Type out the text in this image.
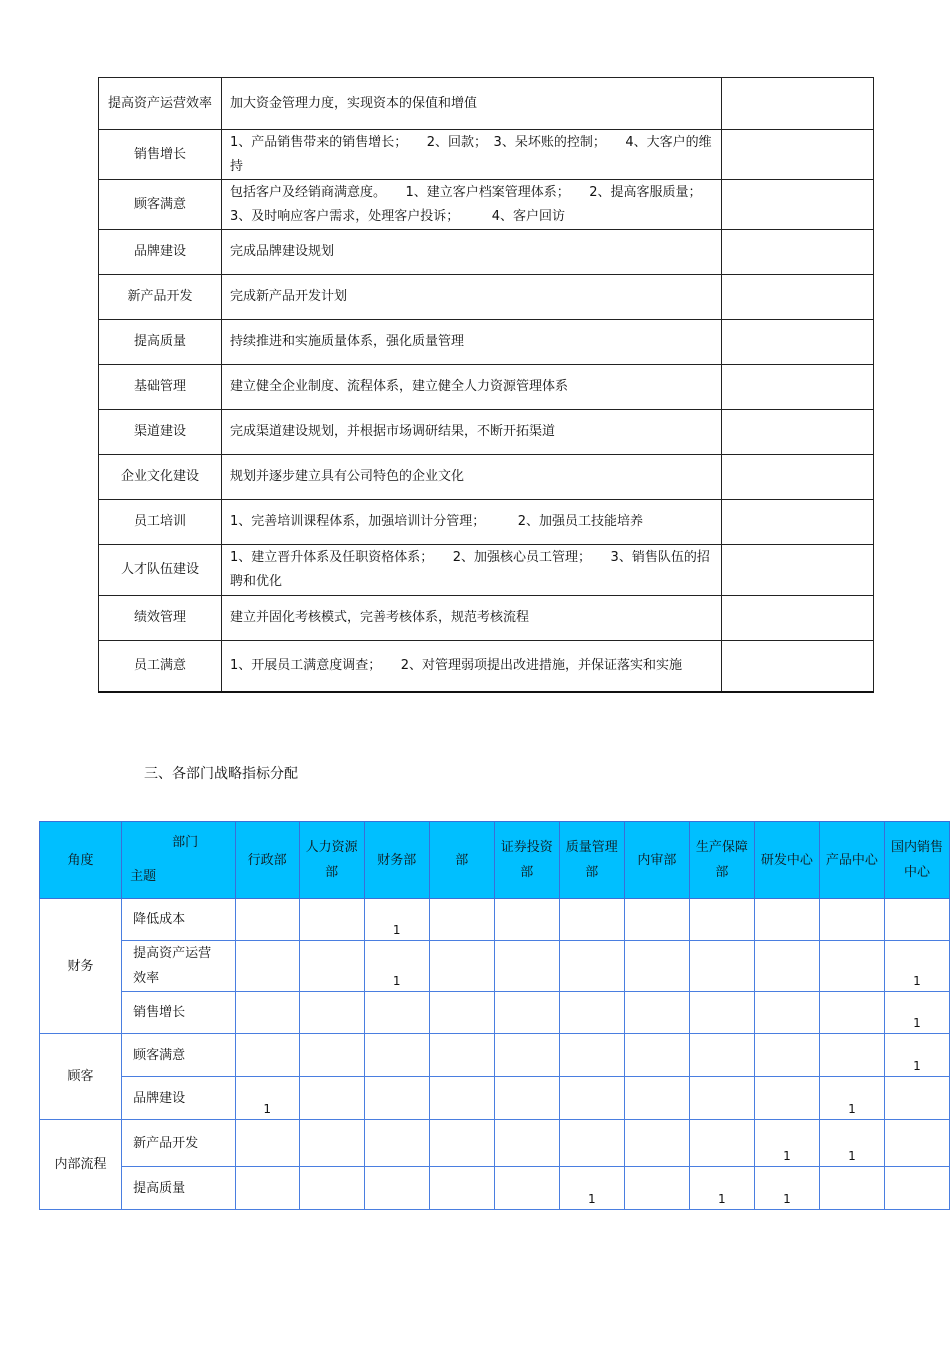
提高资产运营效率	加大资金管理力度，实现资本的保值和增值	
销售增长	1、产品销售带来的销售增长；　　2、回款；　3、呆坏账的控制；　　4、大客户的维持	
顾客满意	包括客户及经销商满意度。　　1、建立客户档案管理体系；　　2、提高客服质量；　3、及时响应客户需求，处理客户投诉；　　　4、客户回访	
品牌建设	完成品牌建设规划	
新产品开发	完成新产品开发计划	
提高质量	持续推进和实施质量体系，强化质量管理	
基础管理	建立健全企业制度、流程体系，建立健全人力资源管理体系	
渠道建设	完成渠道建设规划，并根据市场调研结果，不断开拓渠道	
企业文化建设	规划并逐步建立具有公司特色的企业文化	
员工培训	1、完善培训课程体系，加强培训计分管理；　　　2、加强员工技能培养	
人才队伍建设	1、建立晋升体系及任职资格体系；　　2、加强核心员工管理；　　3、销售队伍的招聘和优化	
绩效管理	建立并固化考核模式，完善考核体系，规范考核流程	
员工满意	1、开展员工满意度调查；　　2、对管理弱项提出改进措施，并保证落实和实施	
三、各部门战略指标分配
角度	部门
主题	行政部	人力资源部	财务部	部	证券投资部	质量管理部	内审部	生产保障部	研发中心	产品中心	国内销售中心
财务	降低成本			1								

	提高资产运营效率			1								1

	销售增长											1

顾客	顾客满意											1

	品牌建设	1									1	

内部流程	新产品开发									1	1	

	提高质量						1		1	1		
